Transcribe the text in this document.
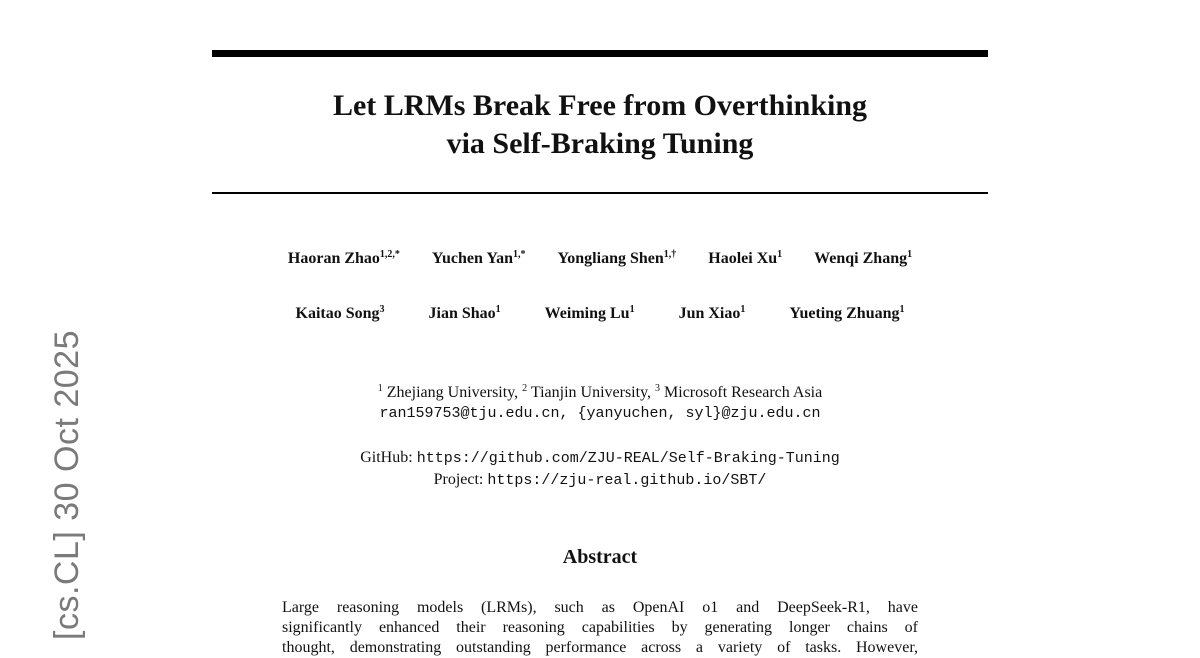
Let LRMs Break Free from Overthinking
via Self-Braking Tuning
Haoran Zhao$^{1,2,*}$ Yuchen Yan$^{1,*}$ Yongliang Shen$^{1,\dagger}$ Haolei Xu$^1$ Wenqi Zhang$^1$
Kaitao Song$^3$	Jian Shao$^1$	Weiming Lu$^1$	Jun Xiao$^1$	Yueting Zhuang$^1$
$^1$ Zhejiang University, $^2$ Tianjin University, $^3$ Microsoft Research Asia
ran159753@tju.edu.cn, {yanyuchen, syl}@zju.edu.cn
GitHub: https://github.com/ZJU-REAL/Self-Braking-Tuning
Project: https://zju-real.github.io/SBT/
Abstract
Large reasoning models (LRMs), such as OpenAI o1 and DeepSeek-R1, have
significantly enhanced their reasoning capabilities by generating longer chains of
thought, demonstrating outstanding performance across a variety of tasks. However,
[cs.CL] 30 Oct 2025
